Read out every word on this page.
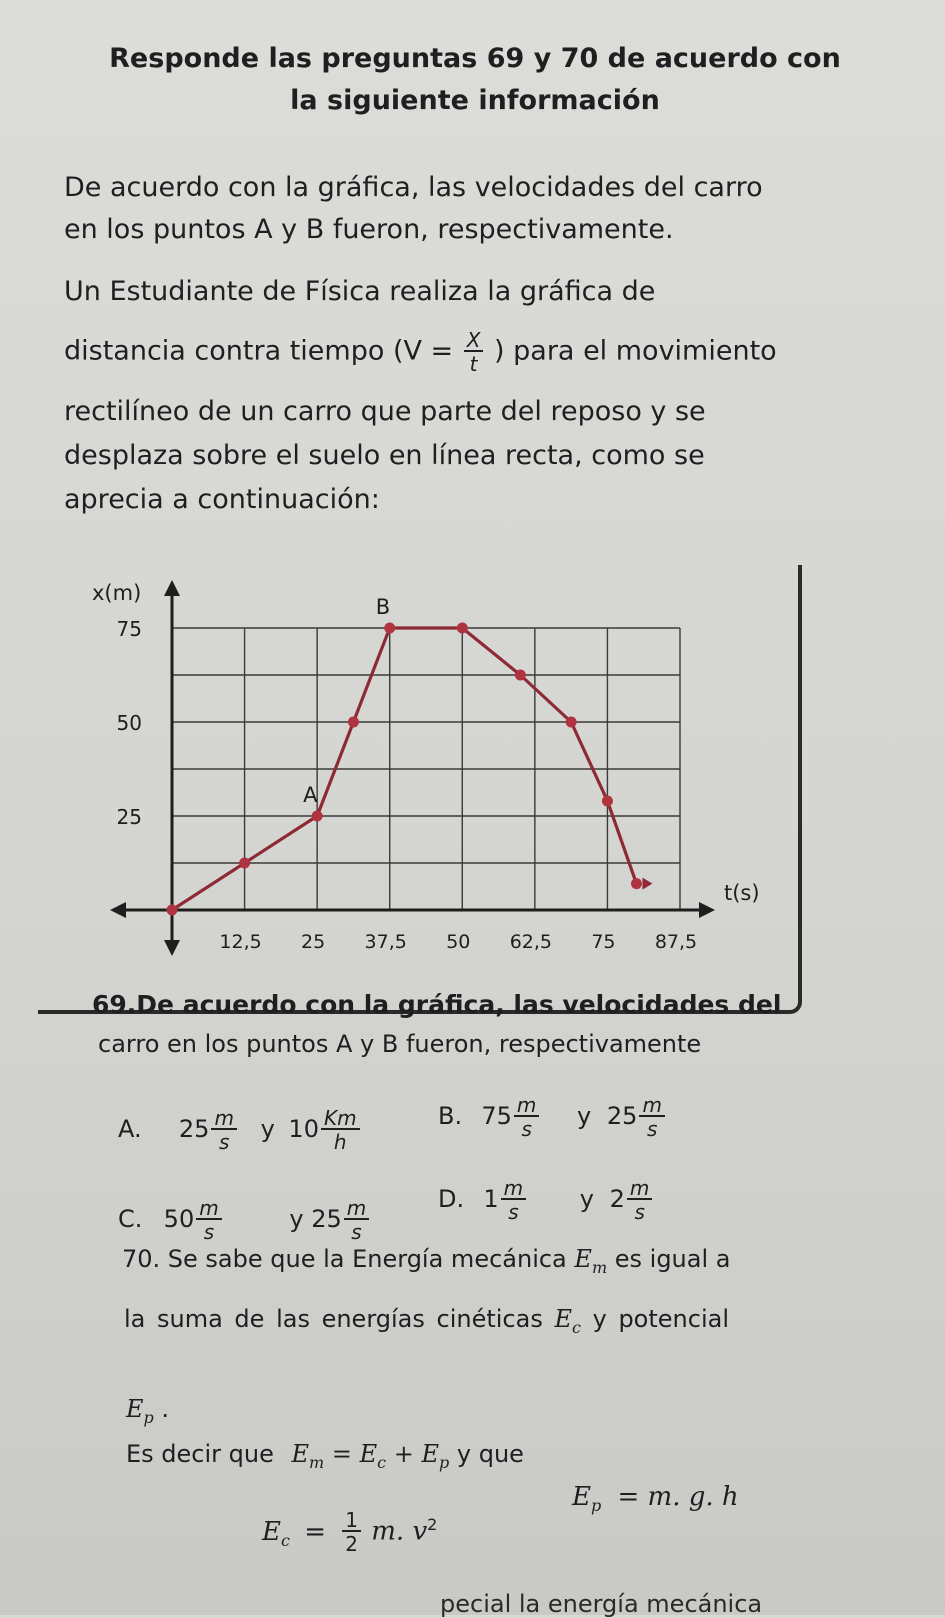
Responde las preguntas 69 y 70 de acuerdo con
la siguiente información
De acuerdo con la gráfica, las velocidades del carro
en los puntos A y B fueron, respectivamente.
Un Estudiante de Física realiza la gráfica de
distancia contra tiempo ($V = \frac{X}{t}$ ) para el movimiento
rectilíneo de un carro que parte del reposo y se
desplaza sobre el suelo en línea recta, como se
aprecia a continuación:
25
50
75
12,5 25 37,5 50 62,5 75 87,5
x(m)
t(s)
A
B
69.De acuerdo con la gráfica, las velocidades del
carro en los puntos A y B fueron, respectivamente
A. $25 \frac{m}{s}$ y $10 \frac{Km}{h}$	B. $75 \frac{m}{s}$ y $25 \frac{m}{s}$
C. $50 \frac{m}{s}$	y $25 \frac{m}{s}$	D. $1 \frac{m}{s}$ y $2 \frac{m}{s}$
70. Se sabe que la Energía mecánica $E_m$ es igual a
la suma de las energías cinéticas $E_c$ y potencial
$E_p$ .
Es decir que $E_m = E_c + E_p$ y que
$E_c = \frac{1}{2} m$. $v^2$
$E_p = m$. g. h
pecial la energía mecánica
